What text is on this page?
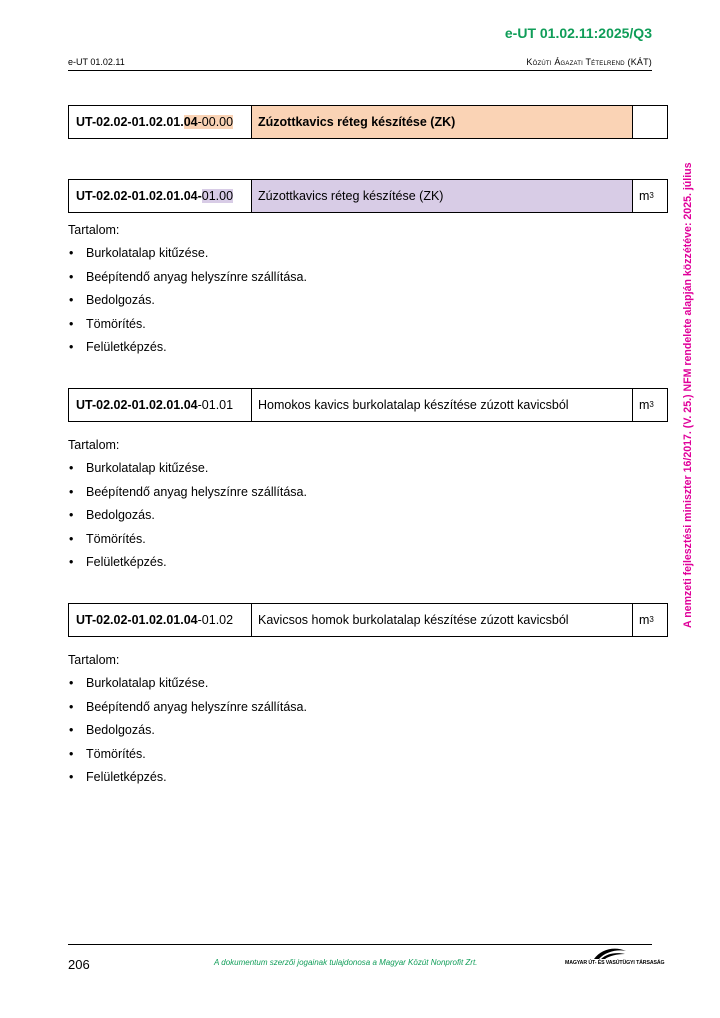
e-UT 01.02.11:2025/Q3
e-UT 01.02.11	Közúti Ágazati Tételrend (KÁT)
A nemzeti fejlesztési miniszter 16/2017. (V. 25.) NFM rendelete alapján közzétéve: 2025. július
UT-02.02-01.02.01. 04 -00.00	Zúzottkavics réteg készítése (ZK)
UT-02.02-01.02.01.04- 01.00	Zúzottkavics réteg készítése (ZK)	m 3
Tartalom:
• Burkolatalap kitűzése.
• Beépítendő anyag helyszínre szállítása.
• Bedolgozás.
• Tömörítés.
• Felületképzés.
UT-02.02-01.02.01.04 -01.01	Homokos kavics burkolatalap készítése zúzott kavicsból	m 3
Tartalom:
• Burkolatalap kitűzése.
• Beépítendő anyag helyszínre szállítása.
• Bedolgozás.
• Tömörítés.
• Felületképzés.
UT-02.02-01.02.01.04 -01.02	Kavicsos homok burkolatalap készítése zúzott kavicsból	m 3
Tartalom:
• Burkolatalap kitűzése.
• Beépítendő anyag helyszínre szállítása.
• Bedolgozás.
• Tömörítés.
• Felületképzés.
206	A dokumentum szerzői jogainak tulajdonosa a Magyar Közút Nonprofit Zrt.	MAGYAR ÚT- ÉS VASÚTÜGYI TÁRSASÁG
